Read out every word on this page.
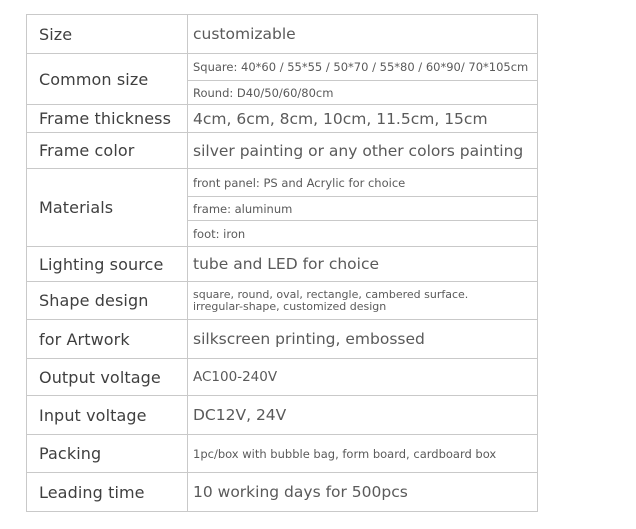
Size	customizable
Common size	Square: 40*60 / 55*55 / 50*70 / 55*80 / 60*90/ 70*105cm
	Round: D40/50/60/80cm
Frame thickness	4cm, 6cm, 8cm, 10cm, 11.5cm, 15cm
Frame color	silver painting or any other colors painting
Materials	front panel: PS and Acrylic for choice
	frame: aluminum
	foot: iron
Lighting source	tube and LED for choice
Shape design	square, round, oval, rectangle, cambered surface.
irregular-shape, customized design

for Artwork	silkscreen printing, embossed
Output voltage	AC100-240V
Input voltage	DC12V, 24V
Packing	1pc/box with bubble bag, form board, cardboard box
Leading time	10 working days for 500pcs
